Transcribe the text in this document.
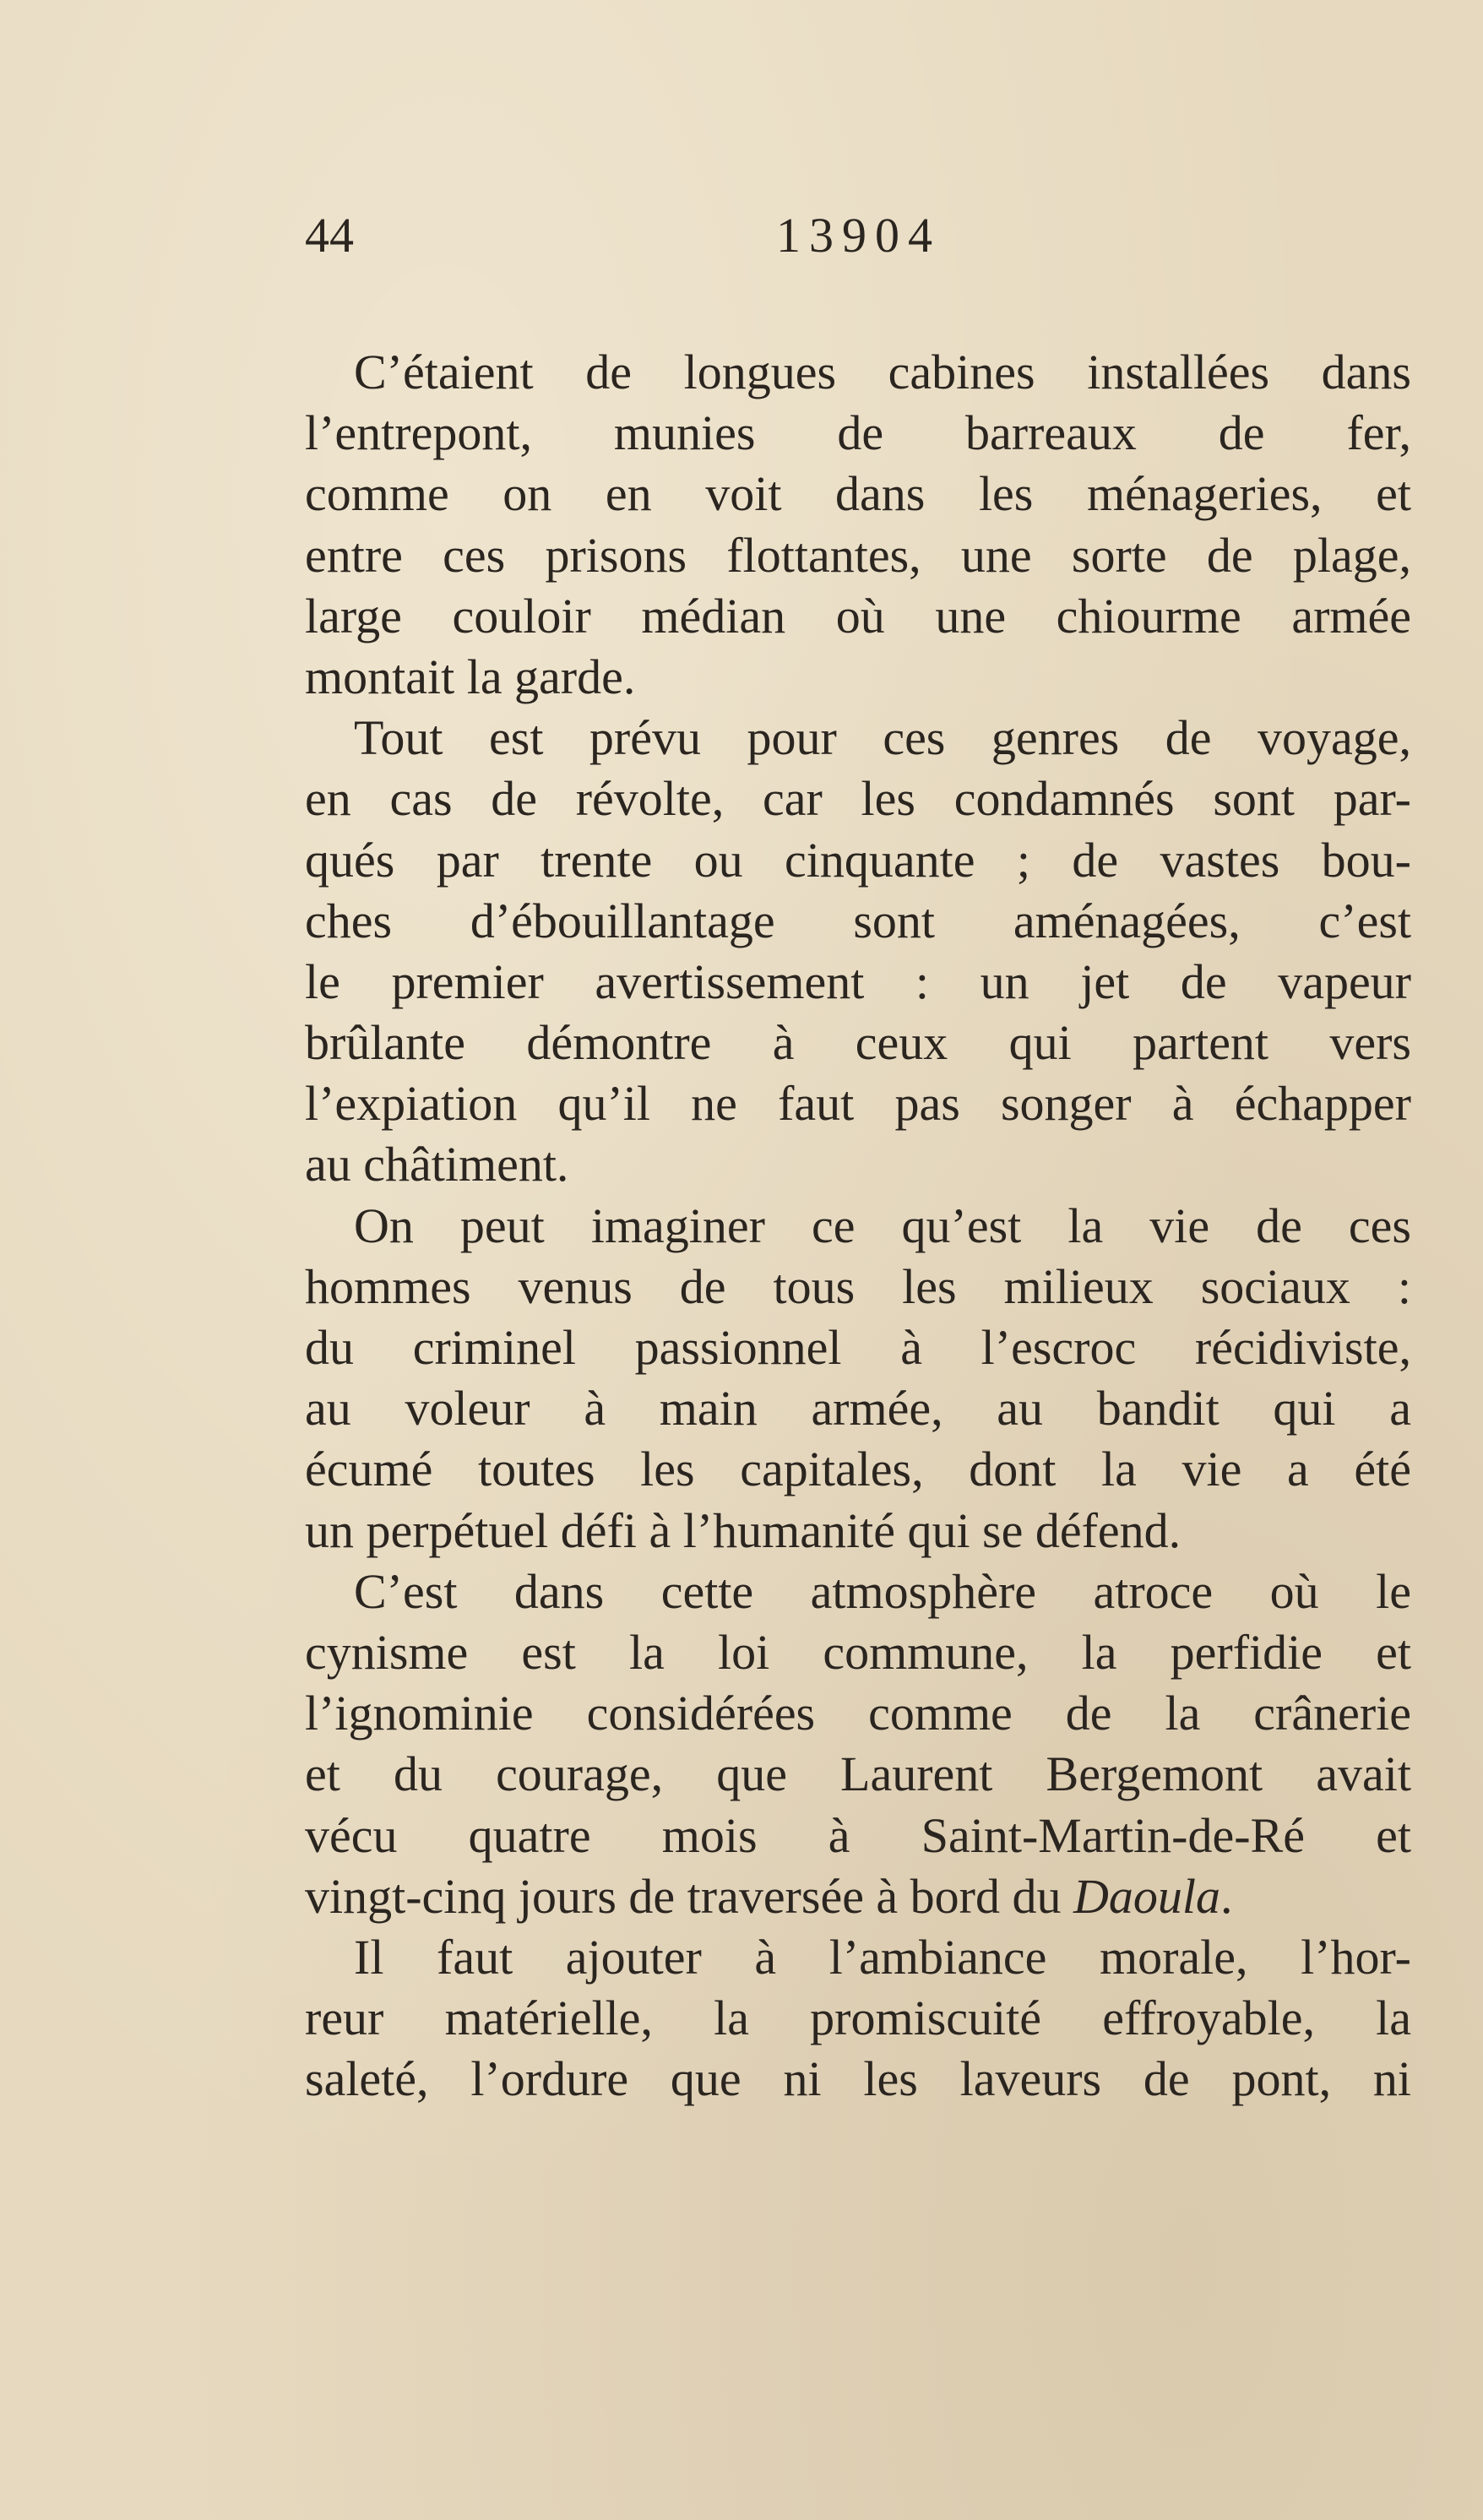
44	13904
C’étaient de longues cabines installées dans
l’entrepont, munies de barreaux de fer,
comme on en voit dans les ménageries, et
entre ces prisons flottantes, une sorte de plage,
large couloir médian où une chiourme armée
montait la garde.
Tout est prévu pour ces genres de voyage,
en cas de révolte, car les condamnés sont par-
qués par trente ou cinquante ; de vastes bou-
ches d’ébouillantage sont aménagées, c’est
le premier avertissement : un jet de vapeur
brûlante démontre à ceux qui partent vers
l’expiation qu’il ne faut pas songer à échapper
au châtiment.
On peut imaginer ce qu’est la vie de ces
hommes venus de tous les milieux sociaux :
du criminel passionnel à l’escroc récidiviste,
au voleur à main armée, au bandit qui a
écumé toutes les capitales, dont la vie a été
un perpétuel défi à l’humanité qui se défend.
C’est dans cette atmosphère atroce où le
cynisme est la loi commune, la perfidie et
l’ignominie considérées comme de la crânerie
et du courage, que Laurent Bergemont avait
vécu quatre mois à Saint-Martin-de-Ré et
vingt-cinq jours de traversée à bord du Daoula.
Il faut ajouter à l’ambiance morale, l’hor-
reur matérielle, la promiscuité effroyable, la
saleté, l’ordure que ni les laveurs de pont, ni
